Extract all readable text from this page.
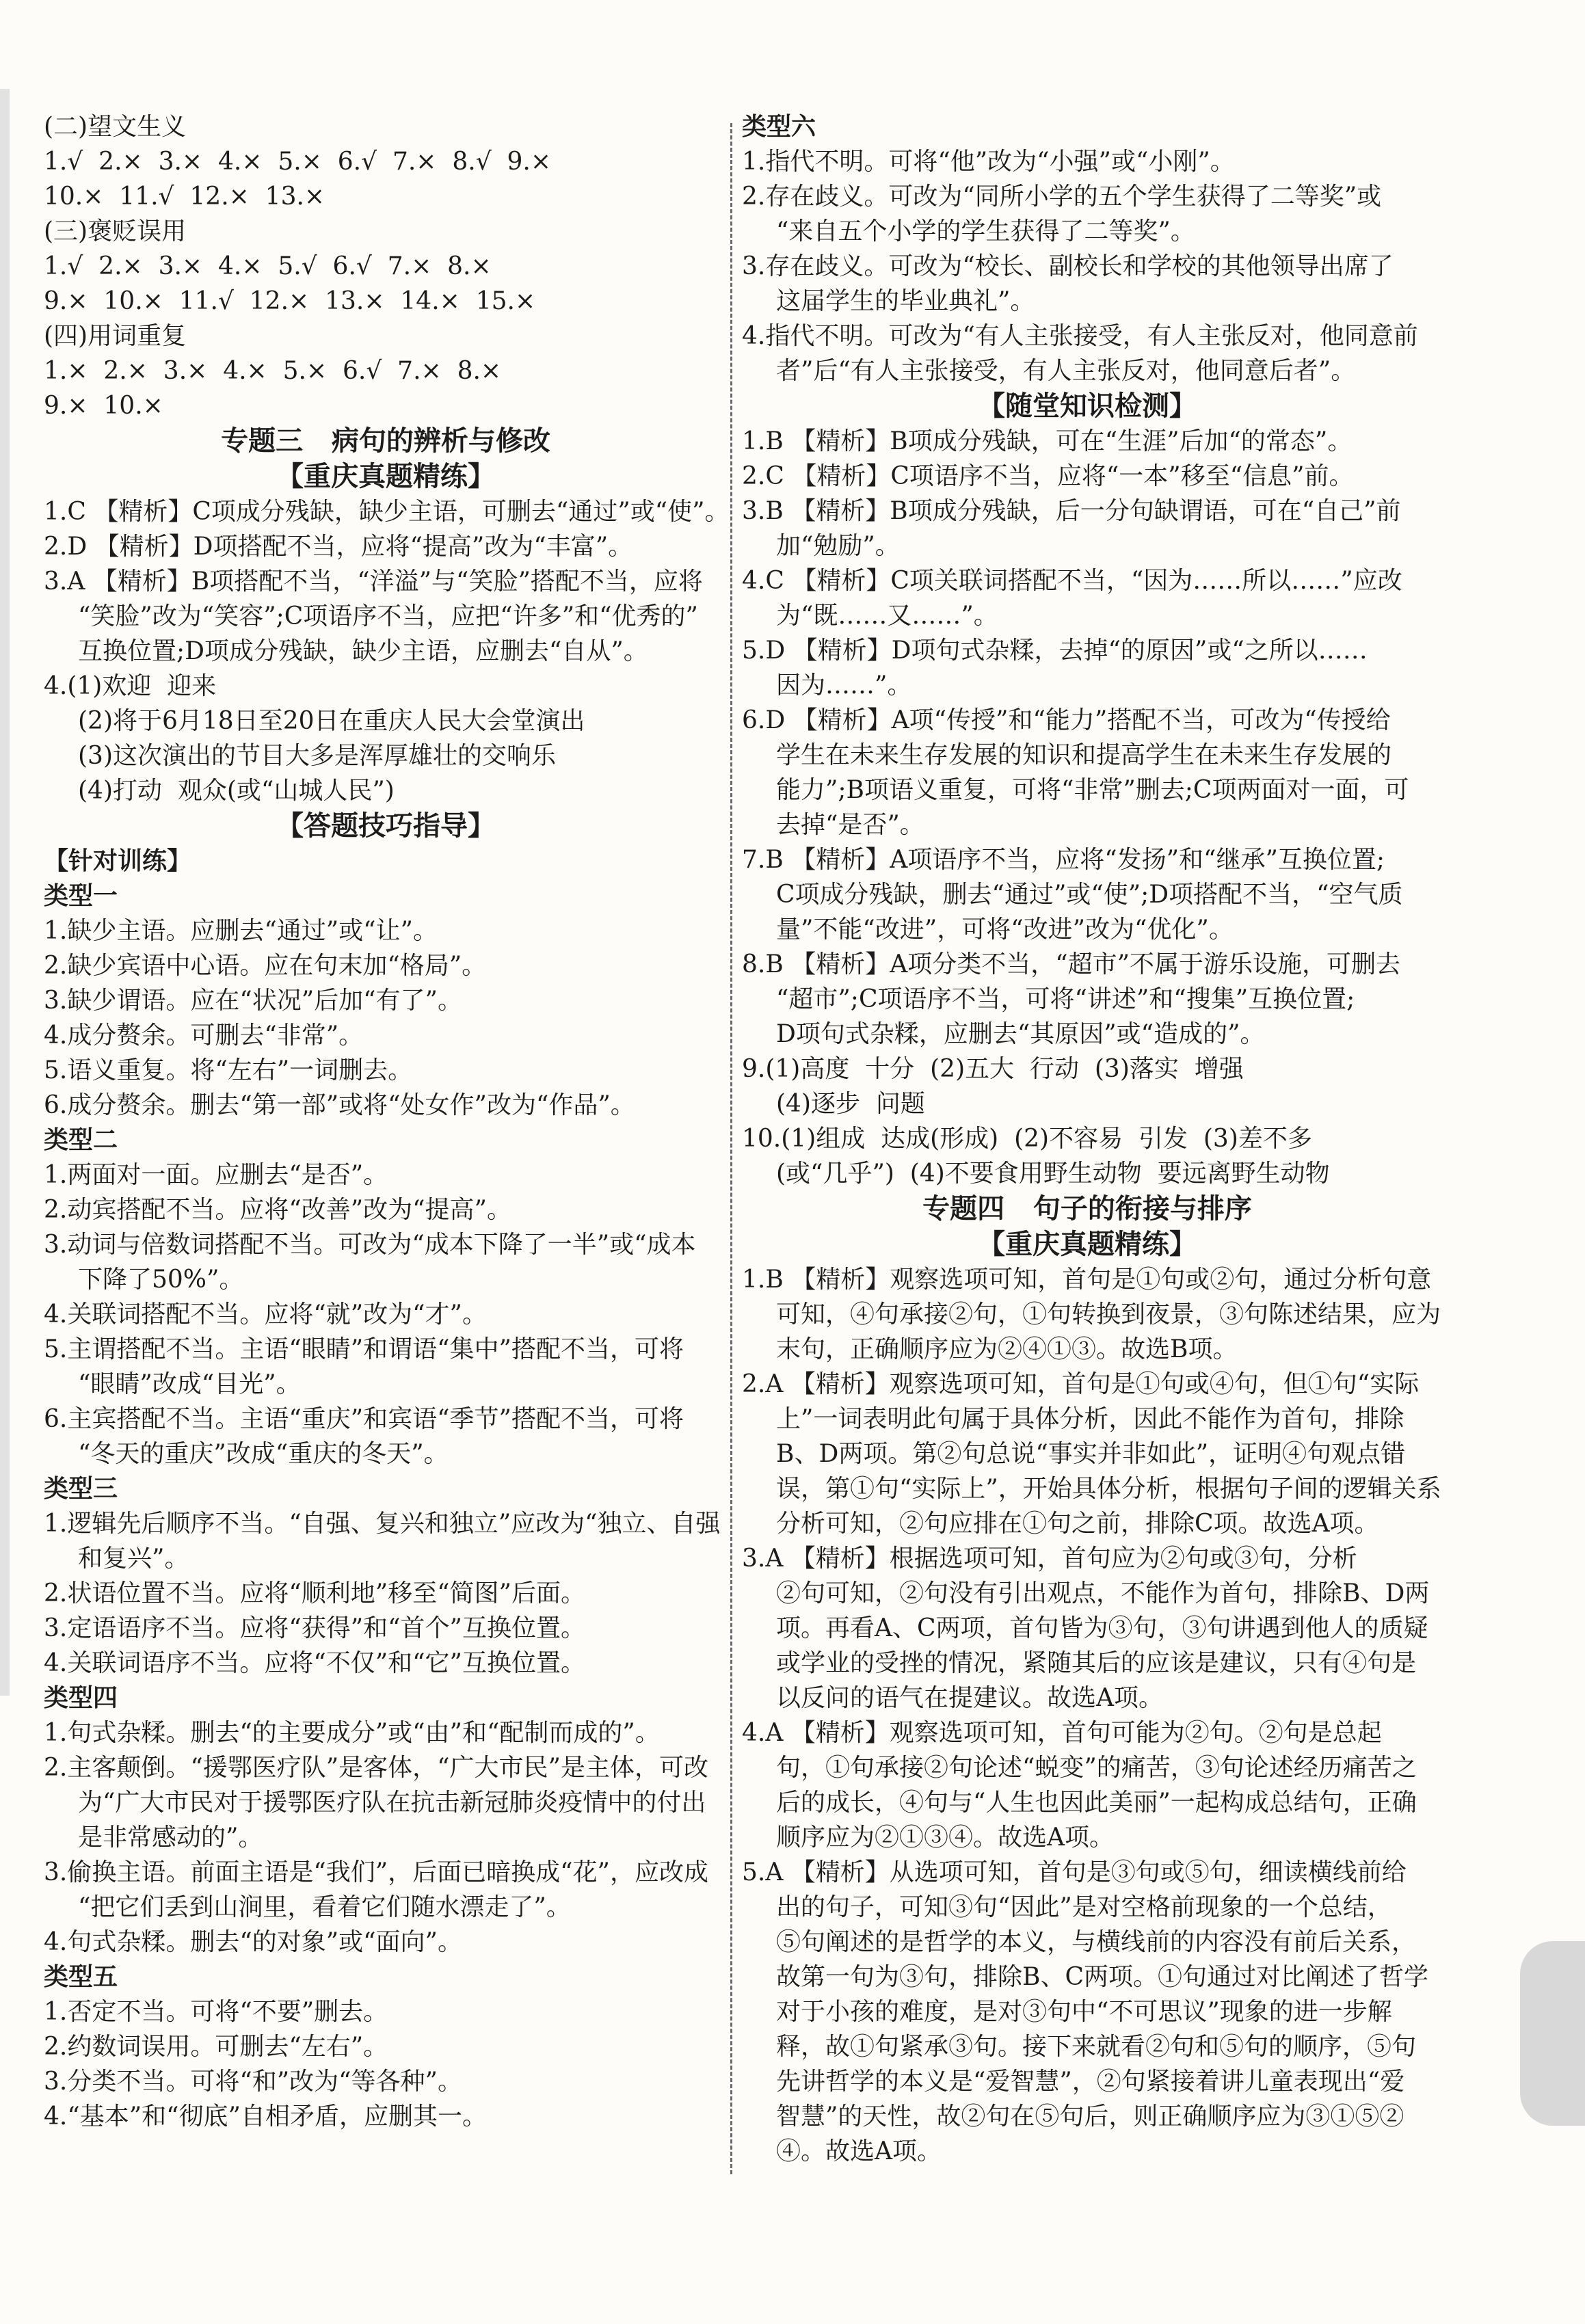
(二)望文生义
1.√  2.×  3.×  4.×  5.×  6.√  7.×  8.√  9.×
10.×  11.√  12.×  13.×
(三)褒贬误用
1.√  2.×  3.×  4.×  5.√  6.√  7.×  8.×
9.×  10.×  11.√  12.×  13.×  14.×  15.×
(四)用词重复
1.×  2.×  3.×  4.×  5.×  6.√  7.×  8.×
9.×  10.×
专题三   病句的辨析与修改
【重庆真题精练】
1.C 【精析】C项成分残缺，缺少主语，可删去“通过”或“使”。
2.D 【精析】D项搭配不当，应将“提高”改为“丰富”。
3.A 【精析】B项搭配不当，“洋溢”与“笑脸”搭配不当，应将
“笑脸”改为“笑容”;C项语序不当，应把“许多”和“优秀的”
互换位置;D项成分残缺，缺少主语，应删去“自从”。
4.(1)欢迎  迎来
(2)将于6月18日至20日在重庆人民大会堂演出
(3)这次演出的节目大多是浑厚雄壮的交响乐
(4)打动  观众(或“山城人民”)
【答题技巧指导】
【针对训练】
类型一
1.缺少主语。应删去“通过”或“让”。
2.缺少宾语中心语。应在句末加“格局”。
3.缺少谓语。应在“状况”后加“有了”。
4.成分赘余。可删去“非常”。
5.语义重复。将“左右”一词删去。
6.成分赘余。删去“第一部”或将“处女作”改为“作品”。
类型二
1.两面对一面。应删去“是否”。
2.动宾搭配不当。应将“改善”改为“提高”。
3.动词与倍数词搭配不当。可改为“成本下降了一半”或“成本
下降了50%”。
4.关联词搭配不当。应将“就”改为“才”。
5.主谓搭配不当。主语“眼睛”和谓语“集中”搭配不当，可将
“眼睛”改成“目光”。
6.主宾搭配不当。主语“重庆”和宾语“季节”搭配不当，可将
“冬天的重庆”改成“重庆的冬天”。
类型三
1.逻辑先后顺序不当。“自强、复兴和独立”应改为“独立、自强
和复兴”。
2.状语位置不当。应将“顺利地”移至“简图”后面。
3.定语语序不当。应将“获得”和“首个”互换位置。
4.关联词语序不当。应将“不仅”和“它”互换位置。
类型四
1.句式杂糅。删去“的主要成分”或“由”和“配制而成的”。
2.主客颠倒。“援鄂医疗队”是客体，“广大市民”是主体，可改
为“广大市民对于援鄂医疗队在抗击新冠肺炎疫情中的付出
是非常感动的”。
3.偷换主语。前面主语是“我们”，后面已暗换成“花”，应改成
“把它们丢到山涧里，看着它们随水漂走了”。
4.句式杂糅。删去“的对象”或“面向”。
类型五
1.否定不当。可将“不要”删去。
2.约数词误用。可删去“左右”。
3.分类不当。可将“和”改为“等各种”。
4.“基本”和“彻底”自相矛盾，应删其一。
类型六
1.指代不明。可将“他”改为“小强”或“小刚”。
2.存在歧义。可改为“同所小学的五个学生获得了二等奖”或
“来自五个小学的学生获得了二等奖”。
3.存在歧义。可改为“校长、副校长和学校的其他领导出席了
这届学生的毕业典礼”。
4.指代不明。可改为“有人主张接受，有人主张反对，他同意前
者”后“有人主张接受，有人主张反对，他同意后者”。
【随堂知识检测】
1.B 【精析】B项成分残缺，可在“生涯”后加“的常态”。
2.C 【精析】C项语序不当，应将“一本”移至“信息”前。
3.B 【精析】B项成分残缺，后一分句缺谓语，可在“自己”前
加“勉励”。
4.C 【精析】C项关联词搭配不当，“因为……所以……”应改
为“既……又……”。
5.D 【精析】D项句式杂糅，去掉“的原因”或“之所以……
因为……”。
6.D 【精析】A项“传授”和“能力”搭配不当，可改为“传授给
学生在未来生存发展的知识和提高学生在未来生存发展的
能力”;B项语义重复，可将“非常”删去;C项两面对一面，可
去掉“是否”。
7.B 【精析】A项语序不当，应将“发扬”和“继承”互换位置;
C项成分残缺，删去“通过”或“使”;D项搭配不当，“空气质
量”不能“改进”，可将“改进”改为“优化”。
8.B 【精析】A项分类不当，“超市”不属于游乐设施，可删去
“超市”;C项语序不当，可将“讲述”和“搜集”互换位置;
D项句式杂糅，应删去“其原因”或“造成的”。
9.(1)高度  十分  (2)五大  行动  (3)落实  增强
(4)逐步  问题
10.(1)组成  达成(形成)  (2)不容易  引发  (3)差不多
(或“几乎”)  (4)不要食用野生动物  要远离野生动物
专题四   句子的衔接与排序
【重庆真题精练】
1.B 【精析】观察选项可知，首句是①句或②句，通过分析句意
可知，④句承接②句，①句转换到夜景，③句陈述结果，应为
末句，正确顺序应为②④①③。故选B项。
2.A 【精析】观察选项可知，首句是①句或④句，但①句“实际
上”一词表明此句属于具体分析，因此不能作为首句，排除
B、D两项。第②句总说“事实并非如此”，证明④句观点错
误，第①句“实际上”，开始具体分析，根据句子间的逻辑关系
分析可知，②句应排在①句之前，排除C项。故选A项。
3.A 【精析】根据选项可知，首句应为②句或③句，分析
②句可知，②句没有引出观点，不能作为首句，排除B、D两
项。再看A、C两项，首句皆为③句，③句讲遇到他人的质疑
或学业的受挫的情况，紧随其后的应该是建议，只有④句是
以反问的语气在提建议。故选A项。
4.A 【精析】观察选项可知，首句可能为②句。②句是总起
句，①句承接②句论述“蜕变”的痛苦，③句论述经历痛苦之
后的成长，④句与“人生也因此美丽”一起构成总结句，正确
顺序应为②①③④。故选A项。
5.A 【精析】从选项可知，首句是③句或⑤句，细读横线前给
出的句子，可知③句“因此”是对空格前现象的一个总结，
⑤句阐述的是哲学的本义，与横线前的内容没有前后关系，
故第一句为③句，排除B、C两项。①句通过对比阐述了哲学
对于小孩的难度，是对③句中“不可思议”现象的进一步解
释，故①句紧承③句。接下来就看②句和⑤句的顺序，⑤句
先讲哲学的本义是“爱智慧”，②句紧接着讲儿童表现出“爱
智慧”的天性，故②句在⑤句后，则正确顺序应为③①⑤②
④。故选A项。
